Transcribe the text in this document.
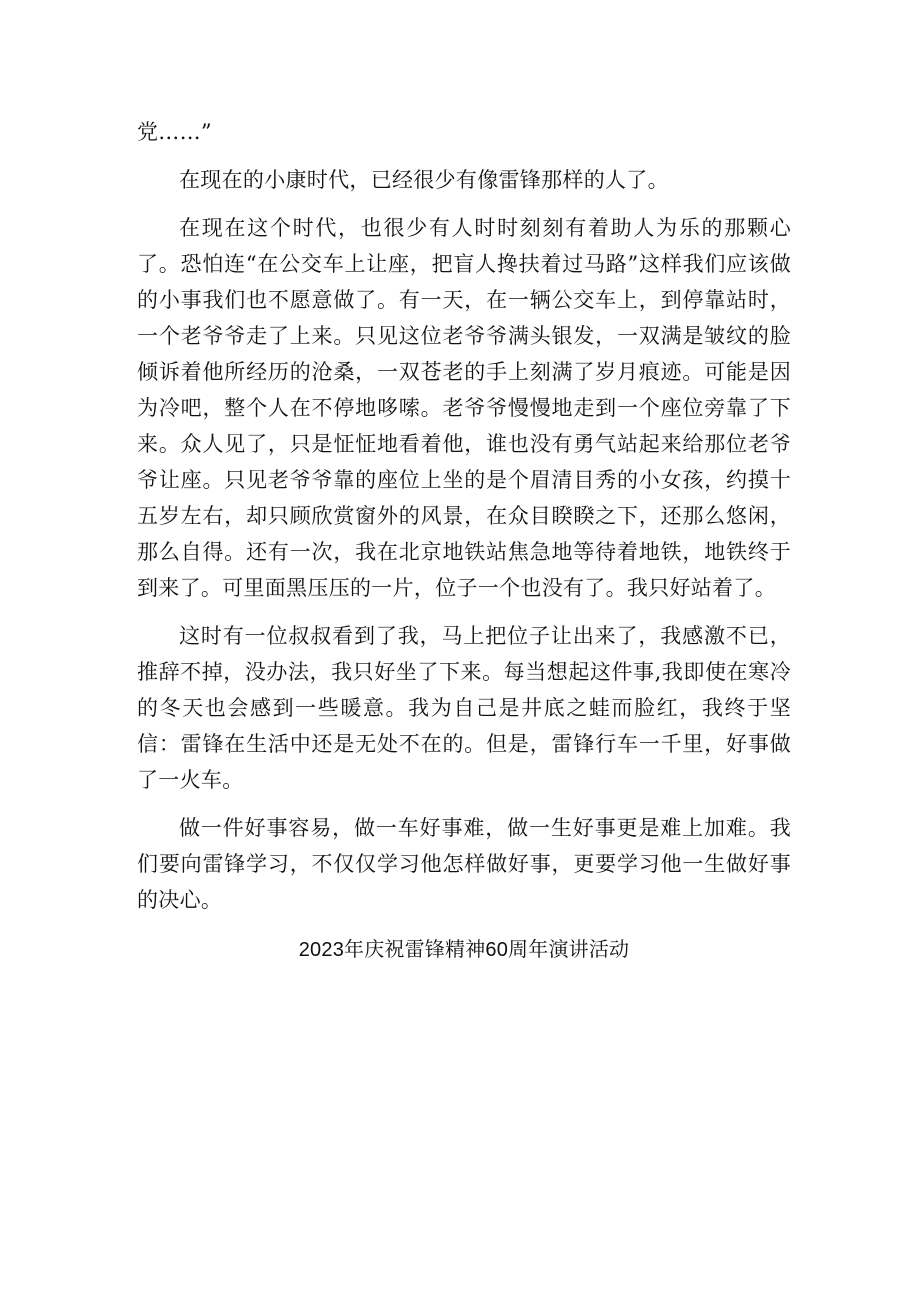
党……”

在现在的小康时代，已经很少有像雷锋那样的人了。

在现在这个时代，也很少有人时时刻刻有着助人为乐的那颗心了。恐怕连“在公交车上让座，把盲人搀扶着过马路”这样我们应该做的小事我们也不愿意做了。有一天，在一辆公交车上，到停靠站时，一个老爷爷走了上来。只见这位老爷爷满头银发，一双满是皱纹的脸倾诉着他所经历的沧桑，一双苍老的手上刻满了岁月痕迹。可能是因为冷吧，整个人在不停地哆嗦。老爷爷慢慢地走到一个座位旁靠了下来。众人见了，只是怔怔地看着他，谁也没有勇气站起来给那位老爷爷让座。只见老爷爷靠的座位上坐的是个眉清目秀的小女孩，约摸十五岁左右，却只顾欣赏窗外的风景，在众目睽睽之下，还那么悠闲，那么自得。还有一次，我在北京地铁站焦急地等待着地铁，地铁终于到来了。可里面黑压压的一片，位子一个也没有了。我只好站着了。

这时有一位叔叔看到了我，马上把位子让出来了，我感激不已，推辞不掉，没办法，我只好坐了下来。每当想起这件事,我即使在寒冷的冬天也会感到一些暖意。我为自己是井底之蛙而脸红，我终于坚信：雷锋在生活中还是无处不在的。但是，雷锋行车一千里，好事做了一火车。

做一件好事容易，做一车好事难，做一生好事更是难上加难。我们要向雷锋学习，不仅仅学习他怎样做好事，更要学习他一生做好事的决心。

2023年庆祝雷锋精神60周年演讲活动
